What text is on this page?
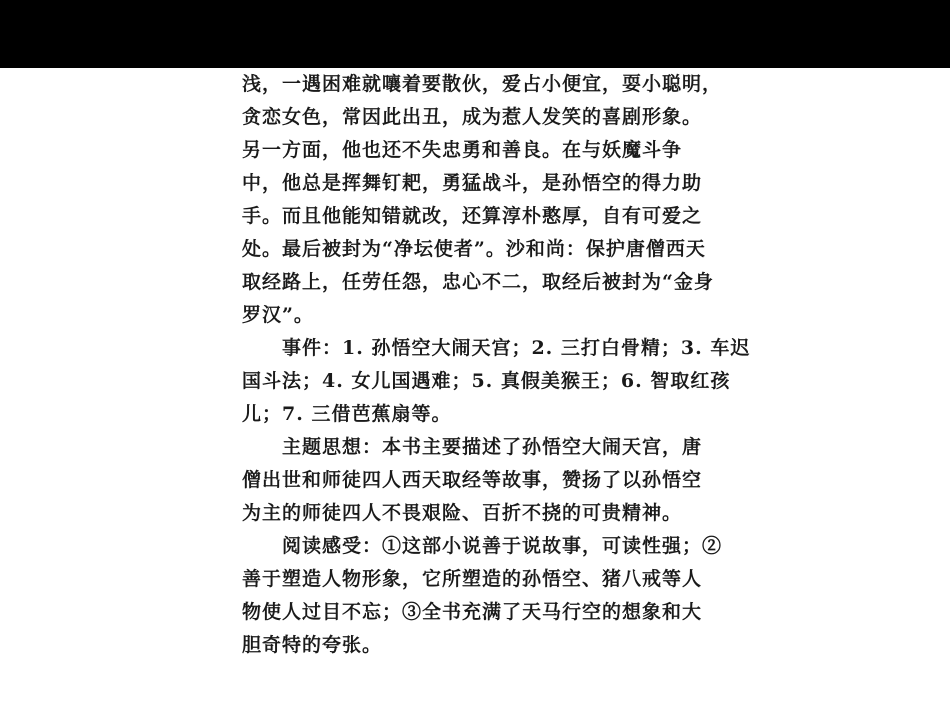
浅，一遇困难就嚷着要散伙，爱占小便宜，耍小聪明，
贪恋女色，常因此出丑，成为惹人发笑的喜剧形象。
另一方面，他也还不失忠勇和善良。在与妖魔斗争
中，他总是挥舞钉耙，勇猛战斗，是孙悟空的得力助
手。而且他能知错就改，还算淳朴憨厚，自有可爱之
处。最后被封为“净坛使者”。沙和尚：保护唐僧西天
取经路上，任劳任怨，忠心不二，取经后被封为“金身
罗汉”。
事件：1. 孙悟空大闹天宫；2. 三打白骨精；3. 车迟
国斗法；4. 女儿国遇难；5. 真假美猴王；6. 智取红孩
儿；7. 三借芭蕉扇等。
主题思想：本书主要描述了孙悟空大闹天宫，唐
僧出世和师徒四人西天取经等故事，赞扬了以孙悟空
为主的师徒四人不畏艰险、百折不挠的可贵精神。
阅读感受：①这部小说善于说故事，可读性强；②
善于塑造人物形象，它所塑造的孙悟空、猪八戒等人
物使人过目不忘；③全书充满了天马行空的想象和大
胆奇特的夸张。
